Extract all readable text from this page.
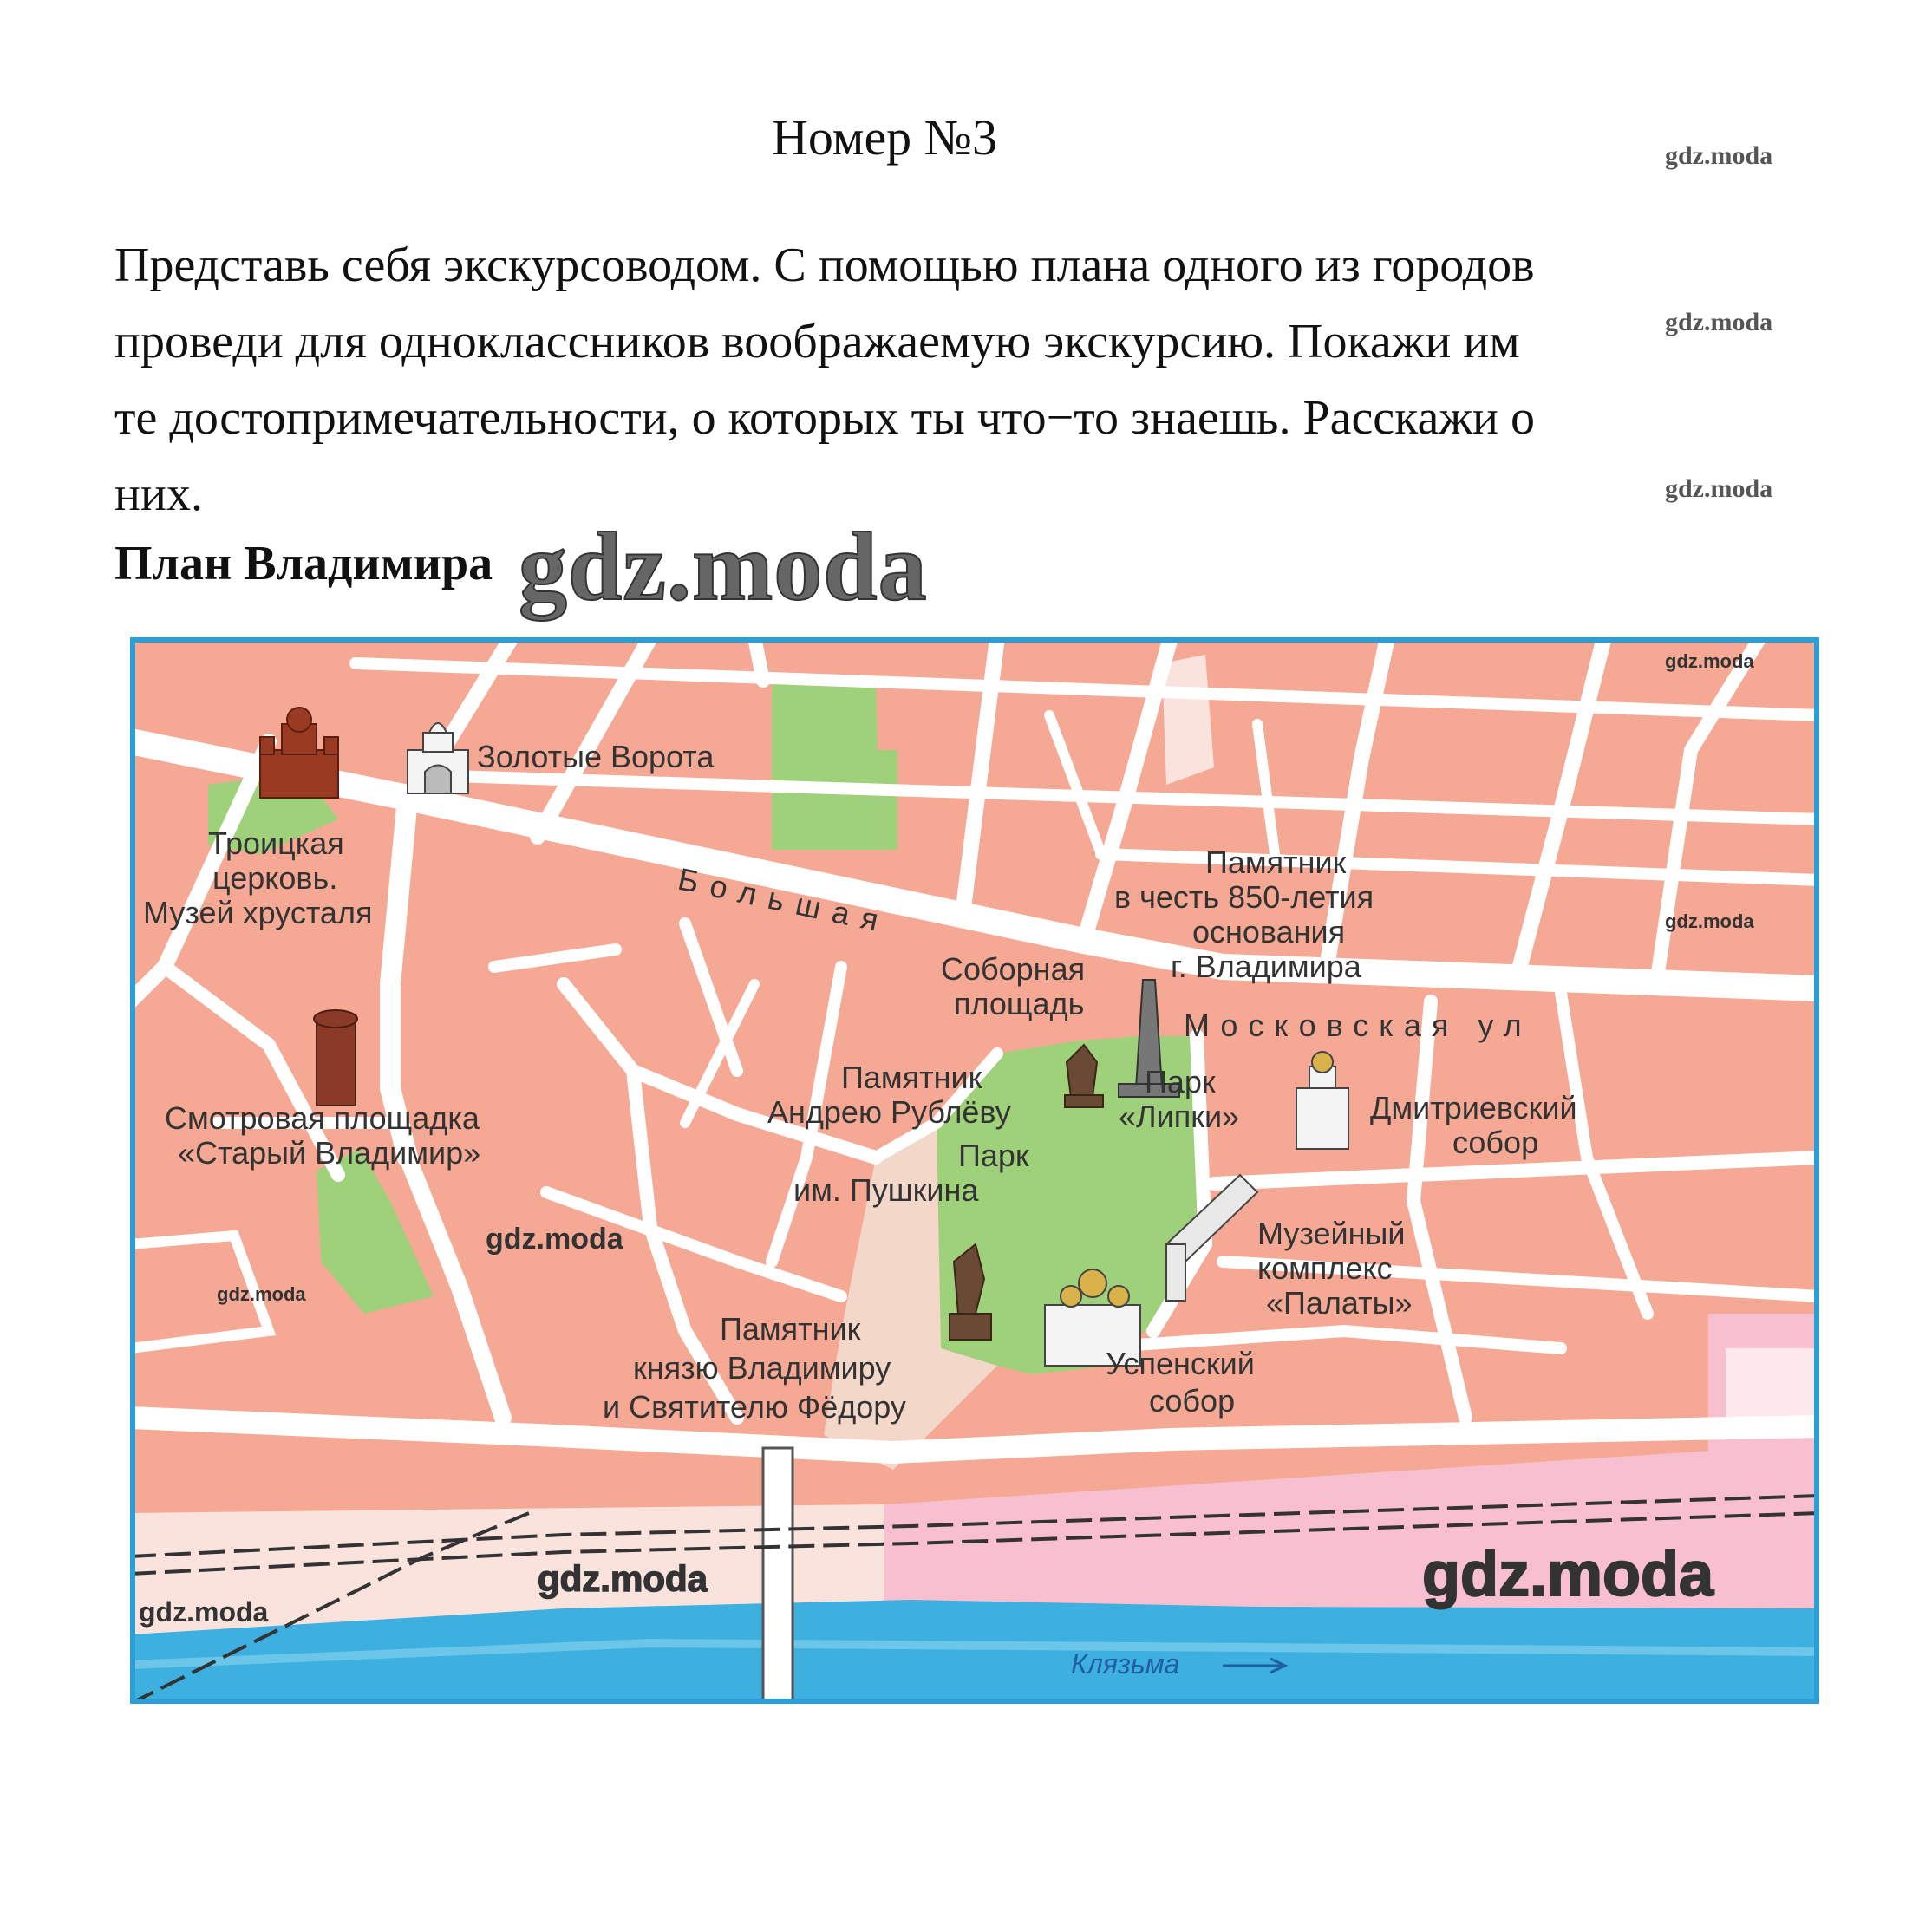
Номер №3

Представь себя экскурсоводом. С помощью плана одного из городов

проведи для одноклассников воображаемую экскурсию. Покажи им

те достопримечательности, о которых ты что−то знаешь. Расскажи о

них.

План Владимира
gdz.moda
gdz.moda
gdz.moda
gdz.moda
Золотые Ворота
Троицкая
церковь.
Музей хрусталя
Смотровая площадка
«Старый Владимир»
Соборная
площадь
Памятник
в честь 850-летия
основания
г. Владимира
Памятник
Андрею Рублёву
Парк
«Липки»	Дмитриевский
собор
Парк
им. Пушкина
Музейный
комплекс
«Палаты»
Памятник
князю Владимиру
и Святителю Фёдору
Успенский
собор
Большая
Московская ул
Клязьма
gdz.moda
gdz.moda
gdz.moda
gdz.moda
gdz.moda
gdz.moda
gdz.moda
